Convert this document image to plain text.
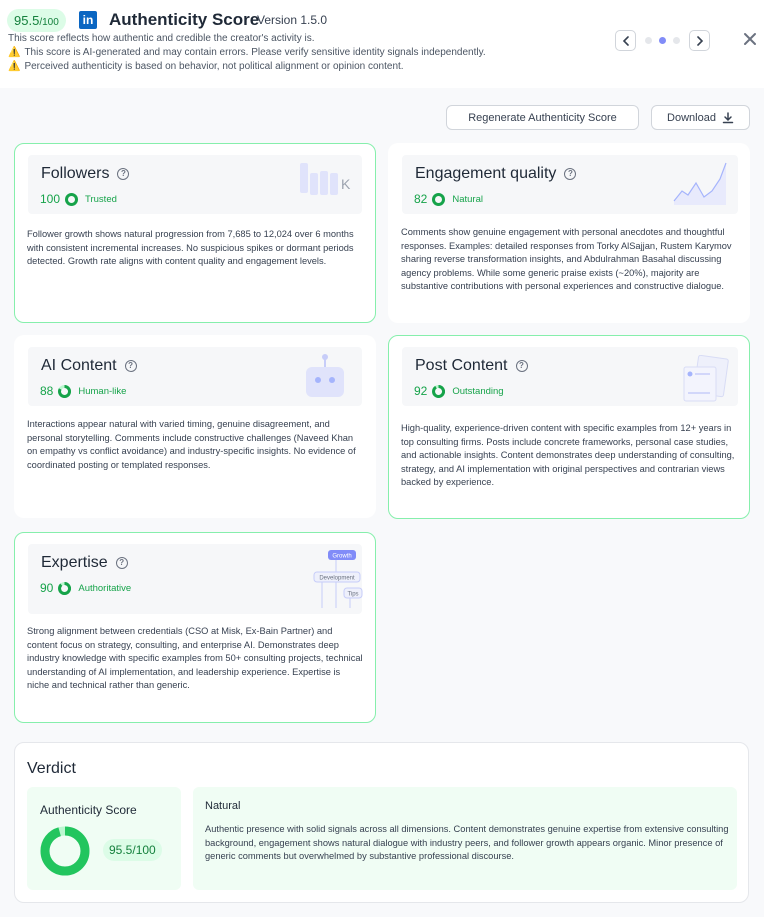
95.5/100	in Authenticity Score
Version 1.5.0
This score reflects how authentic and credible the creator's activity is.
⚠️ This score is AI-generated and may contain errors. Please verify sensitive identity signals independently.
⚠️ Perceived authenticity is based on behavior, not political alignment or opinion content.
Regenerate Authenticity Score	Download
Followers ?
100	Trusted
K
Follower growth shows natural progression from 7,685 to 12,024 over 6 months with consistent incremental increases. No suspicious spikes or dormant periods detected. Growth rate aligns with content quality and engagement levels.
Engagement quality ?
82	Natural
Comments show genuine engagement with personal anecdotes and thoughtful responses. Examples: detailed responses from Torky AlSajjan, Rustem Karymov sharing reverse transformation insights, and Abdulrahman Basahal discussing agency problems. While some generic praise exists (~20%), majority are substantive contributions with personal experiences and constructive dialogue.
AI Content ?
88	Human-like
Interactions appear natural with varied timing, genuine disagreement, and personal storytelling. Comments include constructive challenges (Naveed Khan on empathy vs conflict avoidance) and industry-specific insights. No evidence of coordinated posting or templated responses.
Post Content ?
92	Outstanding
High-quality, experience-driven content with specific examples from 12+ years in top consulting firms. Posts include concrete frameworks, personal case studies, and actionable insights. Content demonstrates deep understanding of consulting, strategy, and AI implementation with original perspectives and contrarian views backed by experience.
Expertise ?
90	Authoritative
Growth
Development
Tips
Strong alignment between credentials (CSO at Misk, Ex-Bain Partner) and content focus on strategy, consulting, and enterprise AI. Demonstrates deep industry knowledge with specific examples from 50+ consulting projects, technical understanding of AI implementation, and leadership experience. Expertise is niche and technical rather than generic.
Verdict
Authenticity Score
95.5/100
Natural
Authentic presence with solid signals across all dimensions. Content demonstrates genuine expertise from extensive consulting background, engagement shows natural dialogue with industry peers, and follower growth appears organic. Minor presence of generic comments but overwhelmed by substantive professional discourse.
